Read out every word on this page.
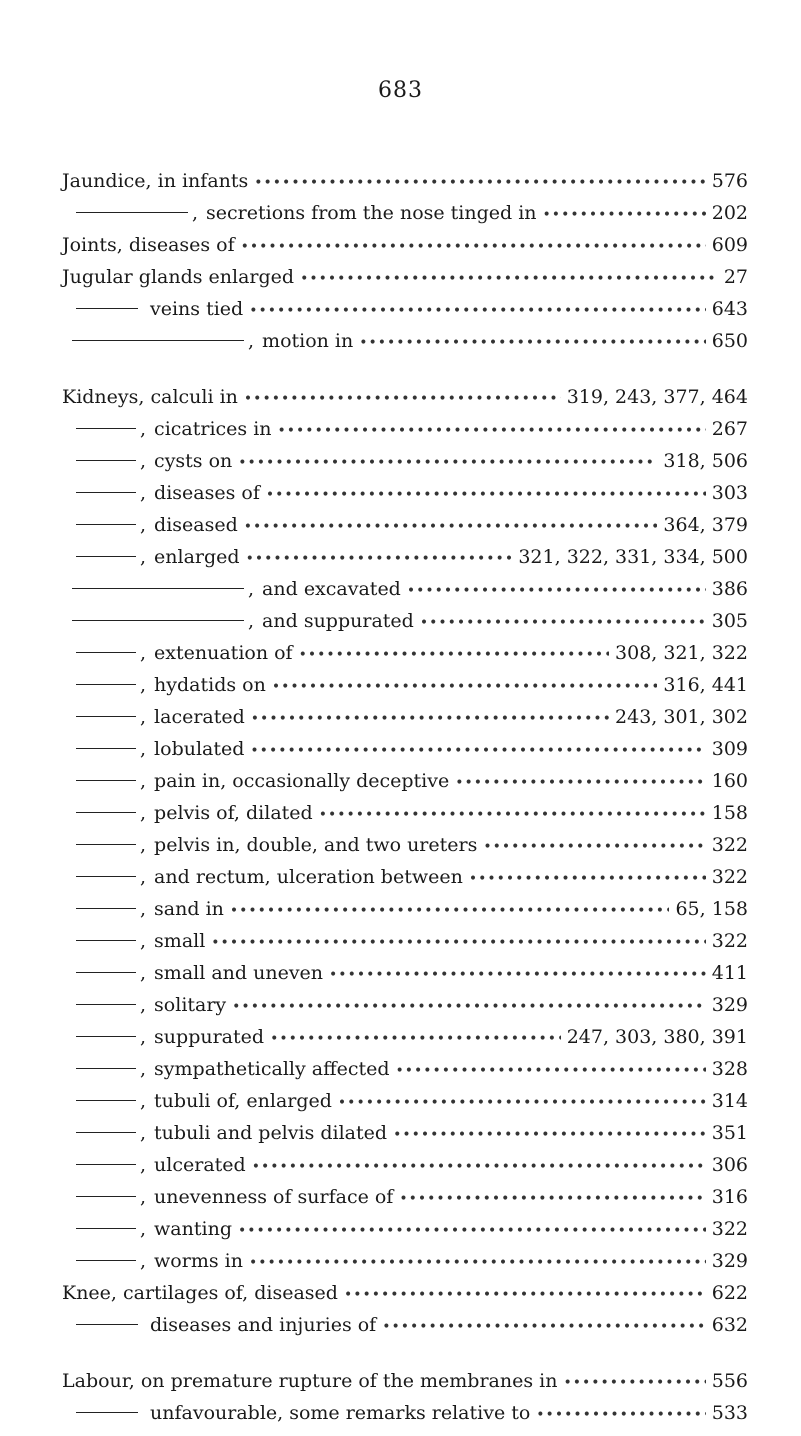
683
Jaundice, in infants •••••	576
, secretions from the nose tinged in •••••	202
Joints, diseases of •••••	609
Jugular glands enlarged •••••	27
veins tied •••••	643
, motion in •••••	650
Kidneys, calculi in •••••	319, 243, 377, 464
, cicatrices in •••••	267
, cysts on •••••	318, 506
, diseases of •••••	303
, diseased •••••	364, 379
, enlarged •••••	321, 322, 331, 334, 500
, and excavated •••••	386
, and suppurated •••••	305
, extenuation of •••••	308, 321, 322
, hydatids on •••••	316, 441
, lacerated •••••	243, 301, 302
, lobulated •••••	309
, pain in, occasionally deceptive •••••	160
, pelvis of, dilated •••••	158
, pelvis in, double, and two ureters •••••	322
, and rectum, ulceration between •••••	322
, sand in •••••	65, 158
, small •••••	322
, small and uneven •••••	411
, solitary •••••	329
, suppurated •••••	247, 303, 380, 391
, sympathetically affected •••••	328
, tubuli of, enlarged •••••	314
, tubuli and pelvis dilated •••••	351
, ulcerated •••••	306
, unevenness of surface of •••••	316
, wanting •••••	322
, worms in •••••	329
Knee, cartilages of, diseased •••••	622
diseases and injuries of •••••	632
Labour, on premature rupture of the membranes in •••••	556
unfavourable, some remarks relative to •••••	533
